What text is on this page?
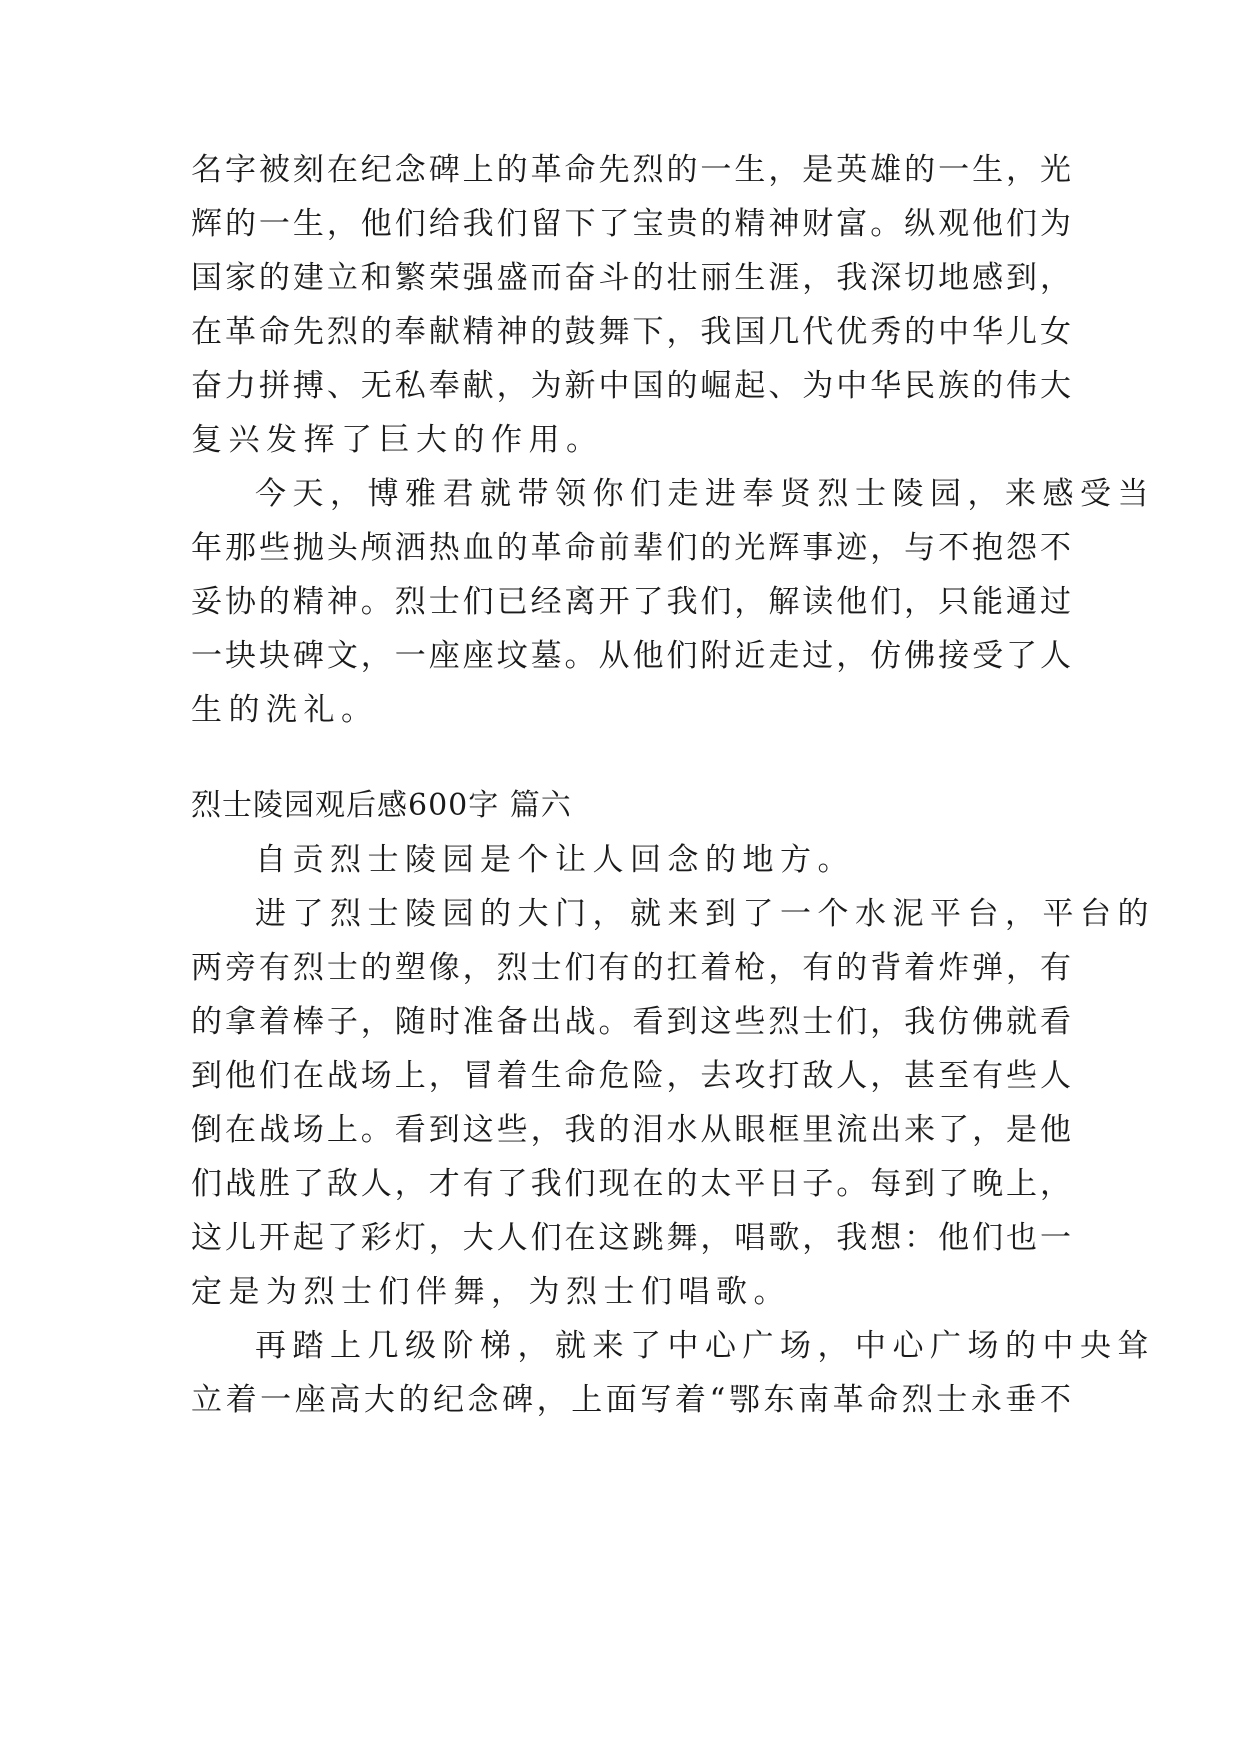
名字被刻在纪念碑上的革命先烈的一生，是英雄的一生，光
辉的一生，他们给我们留下了宝贵的精神财富。纵观他们为
国家的建立和繁荣强盛而奋斗的壮丽生涯，我深切地感到，
在革命先烈的奉献精神的鼓舞下，我国几代优秀的中华儿女
奋力拼搏、无私奉献，为新中国的崛起、为中华民族的伟大
复兴发挥了巨大的作用。
今天，博雅君就带领你们走进奉贤烈士陵园，来感受当
年那些抛头颅洒热血的革命前辈们的光辉事迹，与不抱怨不
妥协的精神。烈士们已经离开了我们，解读他们，只能通过
一块块碑文，一座座坟墓。从他们附近走过，仿佛接受了人
生的洗礼。
烈士陵园观后感600字 篇六
自贡烈士陵园是个让人回念的地方。
进了烈士陵园的大门，就来到了一个水泥平台，平台的
两旁有烈士的塑像，烈士们有的扛着枪，有的背着炸弹，有
的拿着棒子，随时准备出战。看到这些烈士们，我仿佛就看
到他们在战场上，冒着生命危险，去攻打敌人，甚至有些人
倒在战场上。看到这些，我的泪水从眼框里流出来了，是他
们战胜了敌人，才有了我们现在的太平日子。每到了晚上，
这儿开起了彩灯，大人们在这跳舞，唱歌，我想：他们也一
定是为烈士们伴舞，为烈士们唱歌。
再踏上几级阶梯，就来了中心广场，中心广场的中央耸
立着一座高大的纪念碑，上面写着“鄂东南革命烈士永垂不
